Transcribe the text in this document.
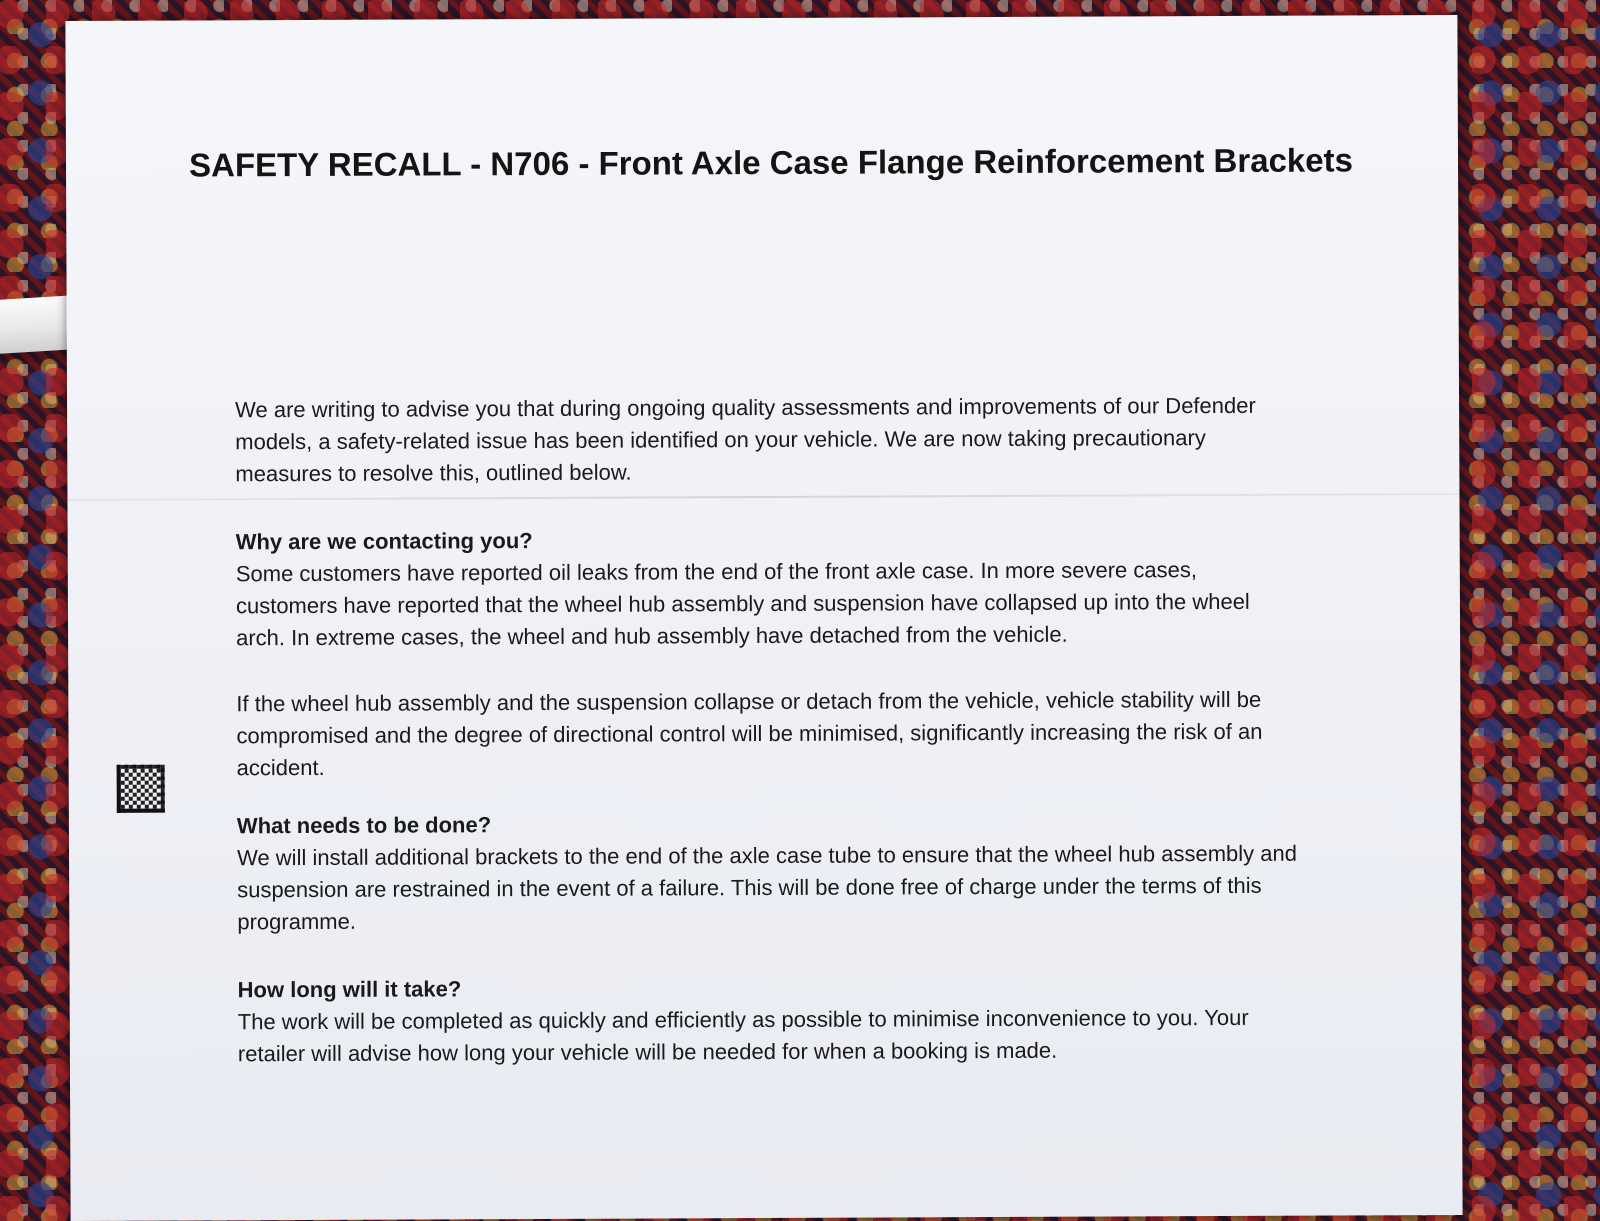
SAFETY RECALL - N706 - Front Axle Case Flange Reinforcement Brackets
We are writing to advise you that during ongoing quality assessments and improvements of our Defender models, a safety-related issue has been identified on your vehicle. We are now taking precautionary measures to resolve this, outlined below.
Why are we contacting you?
Some customers have reported oil leaks from the end of the front axle case. In more severe cases, customers have reported that the wheel hub assembly and suspension have collapsed up into the wheel arch. In extreme cases, the wheel and hub assembly have detached from the vehicle.
If the wheel hub assembly and the suspension collapse or detach from the vehicle, vehicle stability will be compromised and the degree of directional control will be minimised, significantly increasing the risk of an accident.
What needs to be done?
We will install additional brackets to the end of the axle case tube to ensure that the wheel hub assembly and suspension are restrained in the event of a failure. This will be done free of charge under the terms of this programme.
How long will it take?
The work will be completed as quickly and efficiently as possible to minimise inconvenience to you. Your retailer will advise how long your vehicle will be needed for when a booking is made.
